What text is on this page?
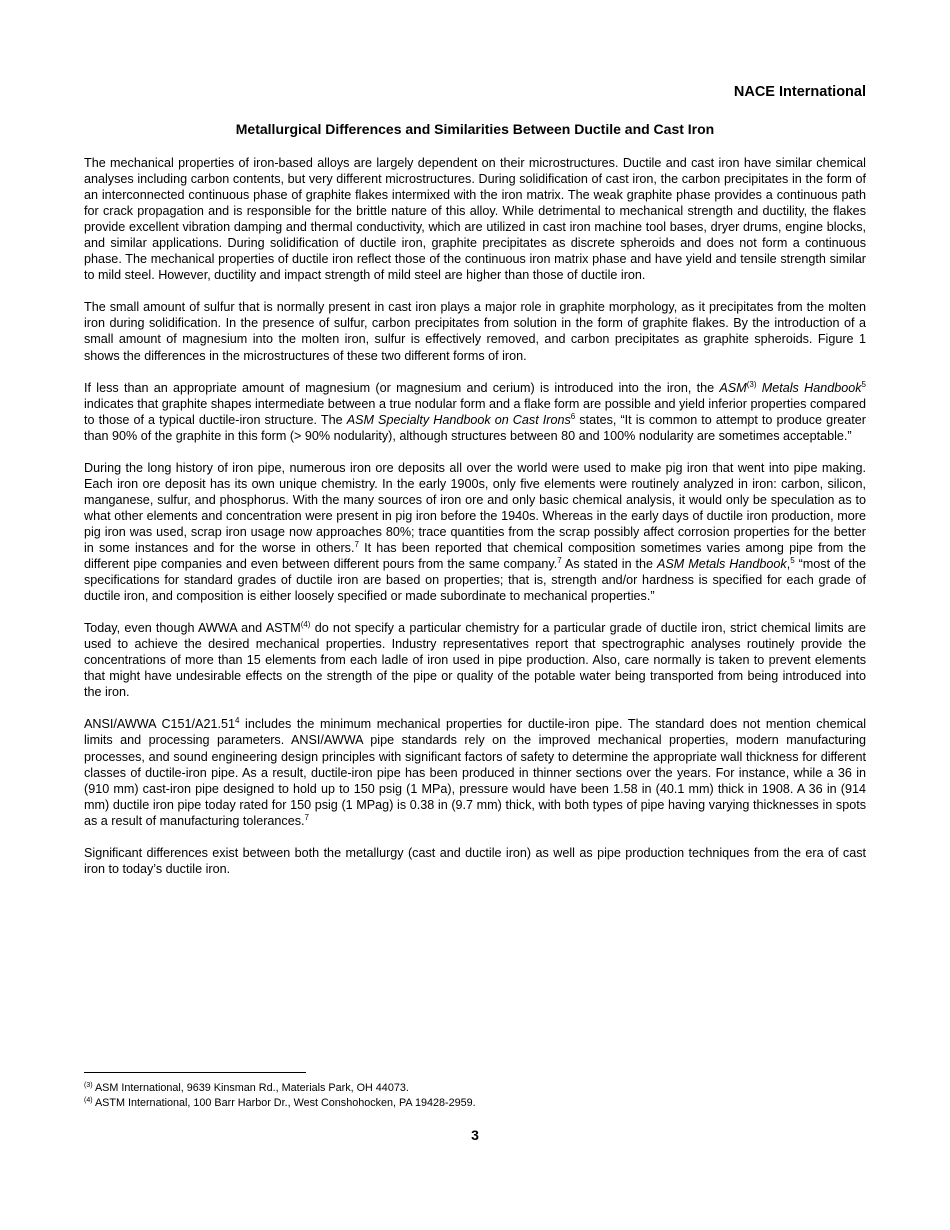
NACE International
Metallurgical Differences and Similarities Between Ductile and Cast Iron

The mechanical properties of iron-based alloys are largely dependent on their microstructures. Ductile and cast iron have similar chemical analyses including carbon contents, but very different microstructures. During solidification of cast iron, the carbon precipitates in the form of an interconnected continuous phase of graphite flakes intermixed with the iron matrix. The weak graphite phase provides a continuous path for crack propagation and is responsible for the brittle nature of this alloy. While detrimental to mechanical strength and ductility, the flakes provide excellent vibration damping and thermal conductivity, which are utilized in cast iron machine tool bases, dryer drums, engine blocks, and similar applications. During solidification of ductile iron, graphite precipitates as discrete spheroids and does not form a continuous phase. The mechanical properties of ductile iron reflect those of the continuous iron matrix phase and have yield and tensile strength similar to mild steel. However, ductility and impact strength of mild steel are higher than those of ductile iron.

The small amount of sulfur that is normally present in cast iron plays a major role in graphite morphology, as it precipitates from the molten iron during solidification. In the presence of sulfur, carbon precipitates from solution in the form of graphite flakes. By the introduction of a small amount of magnesium into the molten iron, sulfur is effectively removed, and carbon precipitates as graphite spheroids. Figure 1 shows the differences in the microstructures of these two different forms of iron.

If less than an appropriate amount of magnesium (or magnesium and cerium) is introduced into the iron, the ASM$^{(3)}$ Metals Handbook$^5$ indicates that graphite shapes intermediate between a true nodular form and a flake form are possible and yield inferior properties compared to those of a typical ductile-iron structure. The ASM Specialty Handbook on Cast Irons$^6$ states, “It is common to attempt to produce greater than 90% of the graphite in this form (> 90% nodularity), although structures between 80 and 100% nodularity are sometimes acceptable.”

During the long history of iron pipe, numerous iron ore deposits all over the world were used to make pig iron that went into pipe making. Each iron ore deposit has its own unique chemistry. In the early 1900s, only five elements were routinely analyzed in iron: carbon, silicon, manganese, sulfur, and phosphorus. With the many sources of iron ore and only basic chemical analysis, it would only be speculation as to what other elements and concentration were present in pig iron before the 1940s. Whereas in the early days of ductile iron production, more pig iron was used, scrap iron usage now approaches 80%; trace quantities from the scrap possibly affect corrosion properties for the better in some instances and for the worse in others.$^7$ It has been reported that chemical composition sometimes varies among pipe from the different pipe companies and even between different pours from the same company.$^7$ As stated in the ASM Metals Handbook,$^5$ “most of the specifications for standard grades of ductile iron are based on properties; that is, strength and/or hardness is specified for each grade of ductile iron, and composition is either loosely specified or made subordinate to mechanical properties.”

Today, even though AWWA and ASTM$^{(4)}$ do not specify a particular chemistry for a particular grade of ductile iron, strict chemical limits are used to achieve the desired mechanical properties. Industry representatives report that spectrographic analyses routinely provide the concentrations of more than 15 elements from each ladle of iron used in pipe production. Also, care normally is taken to prevent elements that might have undesirable effects on the strength of the pipe or quality of the potable water being transported from being introduced into the iron.

ANSI/AWWA C151/A21.51$^4$ includes the minimum mechanical properties for ductile-iron pipe. The standard does not mention chemical limits and processing parameters. ANSI/AWWA pipe standards rely on the improved mechanical properties, modern manufacturing processes, and sound engineering design principles with significant factors of safety to determine the appropriate wall thickness for different classes of ductile-iron pipe. As a result, ductile-iron pipe has been produced in thinner sections over the years. For instance, while a 36 in (910 mm) cast-iron pipe designed to hold up to 150 psig (1 MPa), pressure would have been 1.58 in (40.1 mm) thick in 1908. A 36 in (914 mm) ductile iron pipe today rated for 150 psig (1 MPag) is 0.38 in (9.7 mm) thick, with both types of pipe having varying thicknesses in spots as a result of manufacturing tolerances.$^7$

Significant differences exist between both the metallurgy (cast and ductile iron) as well as pipe production techniques from the era of cast iron to today’s ductile iron.

$^{(3)}$ ASM International, 9639 Kinsman Rd., Materials Park, OH 44073.
$^{(4)}$ ASTM International, 100 Barr Harbor Dr., West Conshohocken, PA 19428-2959.
3
